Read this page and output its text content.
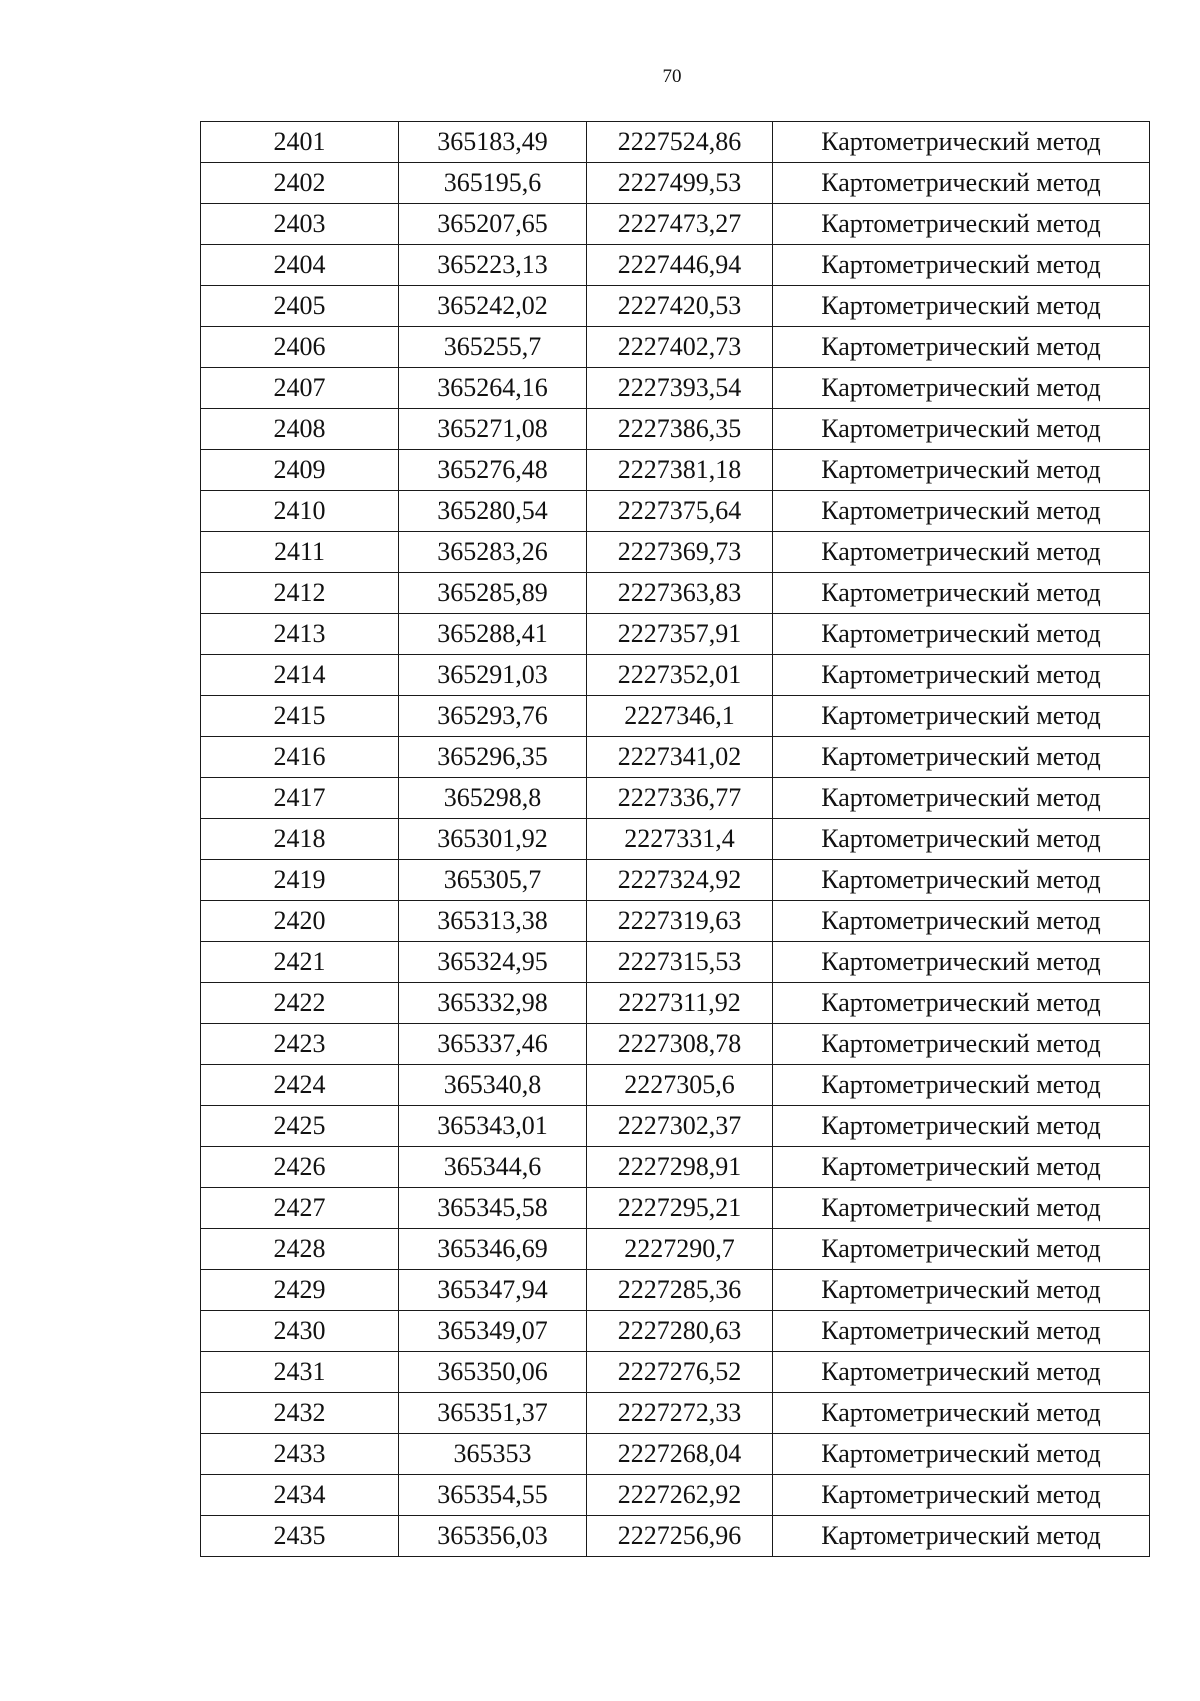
70
2401	365183,49	2227524,86	Картометрический метод
2402	365195,6	2227499,53	Картометрический метод
2403	365207,65	2227473,27	Картометрический метод
2404	365223,13	2227446,94	Картометрический метод
2405	365242,02	2227420,53	Картометрический метод
2406	365255,7	2227402,73	Картометрический метод
2407	365264,16	2227393,54	Картометрический метод
2408	365271,08	2227386,35	Картометрический метод
2409	365276,48	2227381,18	Картометрический метод
2410	365280,54	2227375,64	Картометрический метод
2411	365283,26	2227369,73	Картометрический метод
2412	365285,89	2227363,83	Картометрический метод
2413	365288,41	2227357,91	Картометрический метод
2414	365291,03	2227352,01	Картометрический метод
2415	365293,76	2227346,1	Картометрический метод
2416	365296,35	2227341,02	Картометрический метод
2417	365298,8	2227336,77	Картометрический метод
2418	365301,92	2227331,4	Картометрический метод
2419	365305,7	2227324,92	Картометрический метод
2420	365313,38	2227319,63	Картометрический метод
2421	365324,95	2227315,53	Картометрический метод
2422	365332,98	2227311,92	Картометрический метод
2423	365337,46	2227308,78	Картометрический метод
2424	365340,8	2227305,6	Картометрический метод
2425	365343,01	2227302,37	Картометрический метод
2426	365344,6	2227298,91	Картометрический метод
2427	365345,58	2227295,21	Картометрический метод
2428	365346,69	2227290,7	Картометрический метод
2429	365347,94	2227285,36	Картометрический метод
2430	365349,07	2227280,63	Картометрический метод
2431	365350,06	2227276,52	Картометрический метод
2432	365351,37	2227272,33	Картометрический метод
2433	365353	2227268,04	Картометрический метод
2434	365354,55	2227262,92	Картометрический метод
2435	365356,03	2227256,96	Картометрический метод
